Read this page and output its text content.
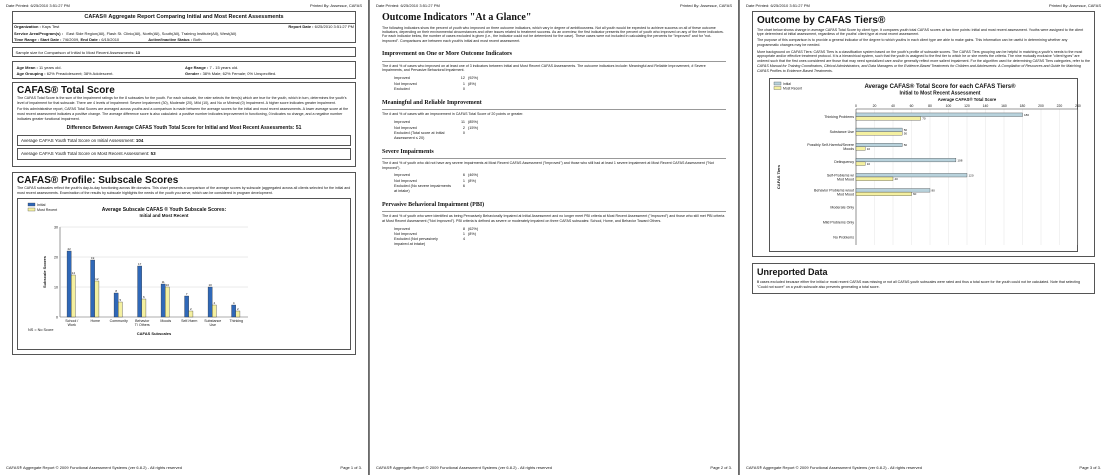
Date Printed: 6/25/2010 3:51:27 PM	Printed By: Assessor, CAFAS
CAFAS® Aggregate Report Comparing Initial and Most Recent Assessments
Organization : Kays Test	Report Date : 6/25/2010 3:51:27 PM
Service Area/Program(s) : East Side Region(All), Flash St. Clinic(All), North(All), South(All), Training Institute(All), West(All)
Time Range : Start Date : 7/6/2009, End Date : 6/15/2010	Active/Inactive Status : Both
Sample size for Comparison of Initial to Most Recent Assessments: 13
Age Mean : 11 years old.	Age Range : 7 - 15 years old.
Age Grouping : 62% Preadolescent; 38% Adolescent.	Gender : 38% Male; 62% Female; 0% Unspecified.
CAFAS® Total Score
The CAFAS Total Score is the sum of the impairment ratings for the 8 subscales for the youth. For each subscale, the rater selects the item(s) which are true for the youth, which in turn, determines the youth's level of impairment for that subscale. There are 4 levels of impairment: Severe Impairment (30), Moderate (20), Mild (10), and No or Minimal (0) Impairment. A higher score indicates greater impairment.
For this administrative report, CAFAS Total Scores are averaged across youths and a comparison is made between the average scores for the initial and most recent assessments. A lower average score at the most recent assessment indicates a positive change. The average difference score is also calculated: a positive number indicates improvement in functioning, 0 indicates no change, and a negative number indicates greater functional impairment.
Difference Between Average CAFAS Youth Total Score for Initial and Most Recent Assessments: 51
Average CAFAS Youth Total Score on Initial Assessment: 104
Average CAFAS Youth Total Score on Most Recent Assessment: 53
CAFAS® Profile: Subscale Scores
The CAFAS subscales reflect the youth's day-to-day functioning across life domains. This chart presents a comparison of the average scores by subscale (aggregated across all clients selected for the initial and most recent assessments. Examination of the results by subscale highlights the needs of the youth you serve, which can be considered in program development.
Average Subscale CAFAS ® Youth Subscale Scores:
Initial and Most Recent
Initial
Most Recent
0
10
20
30
Subscale Scores
22
14
School /
Work
19
12
Home
8
5
Community
17
6
Behavior
T/ Others
11
10
Moods
7
2
Self-Harm
10
4
Substance
Use
4
2
Thinking
CAFAS Subscales
NS = No Score
CAFAS® Aggregate Report © 2009 Functional Assessment Systems (ver 6.8.2) - All rights reserved	Page 1 of 3.
Date Printed: 6/25/2010 3:51:27 PM	Printed By: Assessor, CAFAS
Outcome Indicators "At a Glance"
The following indicators show the percent of youth who improved on three outcome indicators, which vary in degree of ambitiousness. Not all youth would be expected to achieve success on all of these outcome indicators, depending on their environmental circumstances and other issues related to treatment success. As an overview, the first indicator presents the percent of youth who improved on any of the three indicators. For each indicator below, the number of cases excluded is given (i.e., the indicator could not be determined for the case). These cases were not included in calculating the percents for "improved" and for "not-improved". Comparisons are between each youth's initial and most recent assessment.
Improvement on One or More Outcome Indicators
The # and % of cases who improved on at least one of 3 indicators between Initial and Most Recent CAFAS Assessments. The outcome indicators include: Meaningful and Reliable Improvement, # Severe Impairments, and Pervasive Behavioral Impairment.
Improved	12	(92%)
Not Improved	1	(8%)
Excluded	0	
Meaningful and Reliable Improvement
The # and % of cases with an improvement in CAFAS Total Score of 20 points or greater.
Improved	11	(85%)
Not Improved	2	(15%)
Excluded (Total score at Initial Assessment ≤ 20)	0	
Severe Impairments
The # and % of youth who did not have any severe impairments at Most Recent CAFAS Assessment ("Improved") and those who still had at least 1 severe impairment at Most Recent CAFAS Assessment ("Not Improved").
Improved	6	(46%)
Not Improved	1	(8%)
Excluded (No severe impairments at intake)	6	
Pervasive Behavioral Impairment (PBI)
The # and % of youth who were identified as being Pervasively Behaviorally Impaired at Initial Assessment and no longer meet PBI criteria at Most Recent Assessment ("Improved") and those who still met PBI criteria at Most Recent Assessment ("Not Improved"). PBI criteria is defined as severe or moderately impaired on three CAFAS subscales: School, Home, and Behavior Toward Others.
Improved	8	(62%)
Not Improved	1	(8%)
Excluded (Not pervasively impaired at intake)	4	
CAFAS® Aggregate Report © 2009 Functional Assessment Systems (ver 6.8.2) - All rights reserved	Page 2 of 3.
Date Printed: 6/25/2010 3:51:27 PM	Printed By: Assessor, CAFAS
Outcome by CAFAS Tiers®
The chart below shows change in average CAFAS Total Score by client type. It compares youth total CAFAS scores at two time points: initial and most recent assessment. Youths were assigned to the client type determined at initial assessment, regardless of the youths' client type at most recent assessment.
The purpose of this comparison is to provide a general indicator of the degree to which youths in each client type are able to make gains. This information can be useful in determining whether any programmatic changes may be needed.
More background on CAFAS Tiers: CAFAS Tiers is a classification system based on the youth's profile of subscale scores. The CAFAS Tiers grouping can be helpful in matching a youth's needs to the most appropriate and/or effective treatment protocol. It is a hierarchical system, such that the youth is assigned to the first tier to which he or she meets the criteria. The nine mutually exclusive "client types" are ordered such that the first ones considered are those that may need specialized care and/or generally reflect more salient impairment. For the algorithm used for determining CAFAS Tiers categories, refer to the CAFAS Manual for Training Coordinators, Clinical Administrators, and Data Managers or the Evidence-Based Treatments for Children and Adolescents: A Compilation of Resources and Guide for Matching CAFAS Profiles to Evidence-Based Treatments.
Average CAFAS® Total Score for each CAFAS Tiers®
Initial to Most Recent Assessment
Average CAFAS® Total Score
Initial
Most Recent
0	20	40	60	80	100	120	140	160	180	200	220	240
CAFAS Tiers
Thinking Problems	180
70
Substance Use	50
50
Possibly Self-Harmful/Severe
Moods
50
10
Delinquency	108
10
Self-Problems w/
Mod Mood
120
40
Behavior Problems w/out
Mod Mood
80
60
Moderate Only
Mild Problems Only
No Problems
Unreported Data
0 cases excluded because either the initial or most recent CAFAS was missing or not all CAFAS youth subscales were rated and thus a total score for the youth could not be calculated. Note that selecting "Could not score" on a youth subscale also prevents generating a total score.
CAFAS® Aggregate Report © 2009 Functional Assessment Systems (ver 6.8.2) - All rights reserved	Page 3 of 3.
